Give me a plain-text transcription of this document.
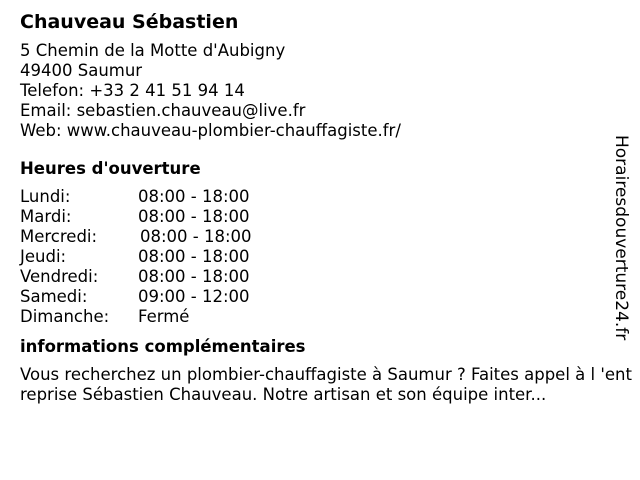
Chauveau Sébastien
5 Chemin de la Motte d'Aubigny
49400 Saumur
Telefon: +33 2 41 51 94 14
Email: sebastien.chauveau@live.fr
Web: www.chauveau-plombier-chauffagiste.fr/
Heures d'ouverture
Lundi:	08:00 - 18:00
Mardi:	08:00 - 18:00
Mercredi:	08:00 - 18:00
Jeudi:	08:00 - 18:00
Vendredi: 08:00 - 18:00
Samedi:	09:00 - 12:00
Dimanche: Fermé
informations complémentaires
Vous recherchez un plombier-chauffagiste à Saumur ? Faites appel à l 'entreprise Sébastien Chauveau. Notre artisan et son équipe inter...
Horairesdouverture24.fr
